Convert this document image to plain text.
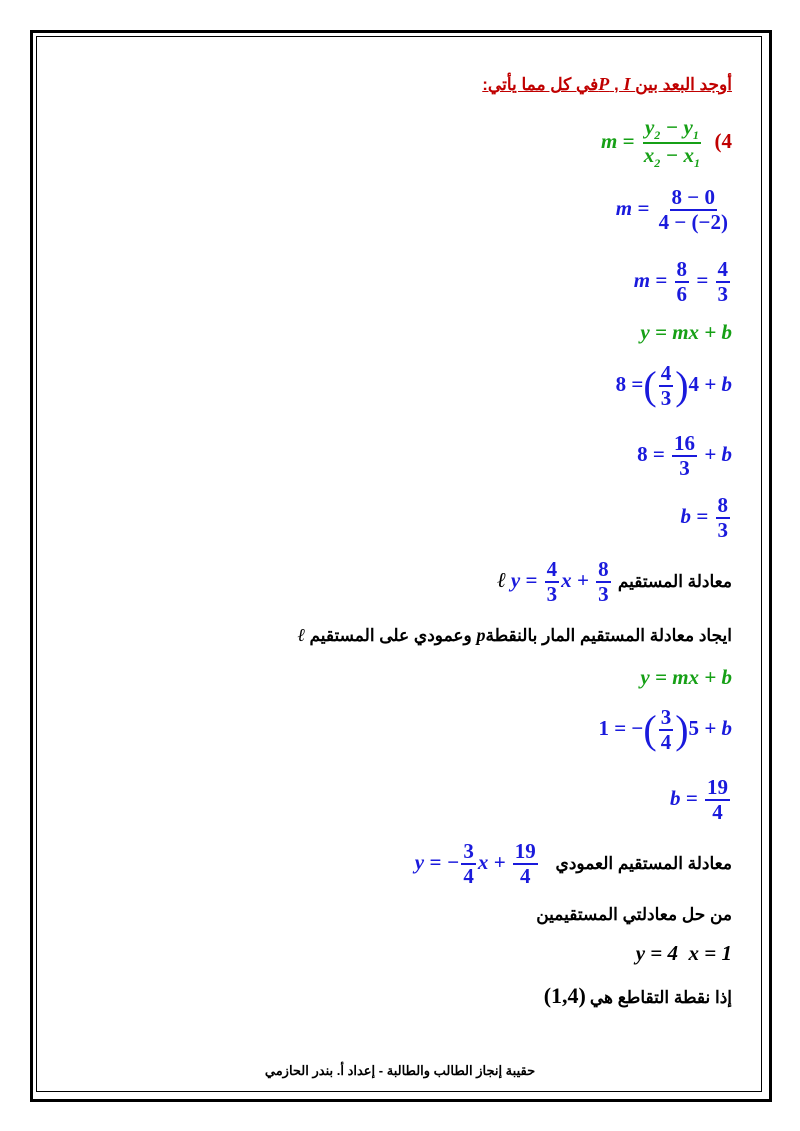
أوجد البعد بين P , Iفي كل مما يأتي:
$m = \frac{y_2 - y_1}{x_2 - x_1} (4$
$m = \frac{8 - 0}{4 - (-2)}$
$m = \frac{8}{6} = \frac{4}{3}$
y = mx + b
8 =( $\frac{4}{3} )4 + b$
$8 = \frac{16}{3} + b$
$b = \frac{8}{3}$
ℓ $y = \frac{4}{3}$ $x + \frac{8}{3}$ معادلة المستقيم
ايجاد معادلة المستقيم المار بالنقطةp وعمودي على المستقيم ℓ
y = mx + b
1 = −( $\frac{3}{4} )5 + b$
$b = \frac{19}{4}$
y = − $\frac{3}{4}$ $x + \frac{19}{4}$ معادلة المستقيم العمودي
من حل معادلتي المستقيمين
y = 4  x = 1
(1,4) إذا نقطة التقاطع هي
حقيبة إنجاز الطالب والطالبة - إعداد أ. بندر الحازمي
